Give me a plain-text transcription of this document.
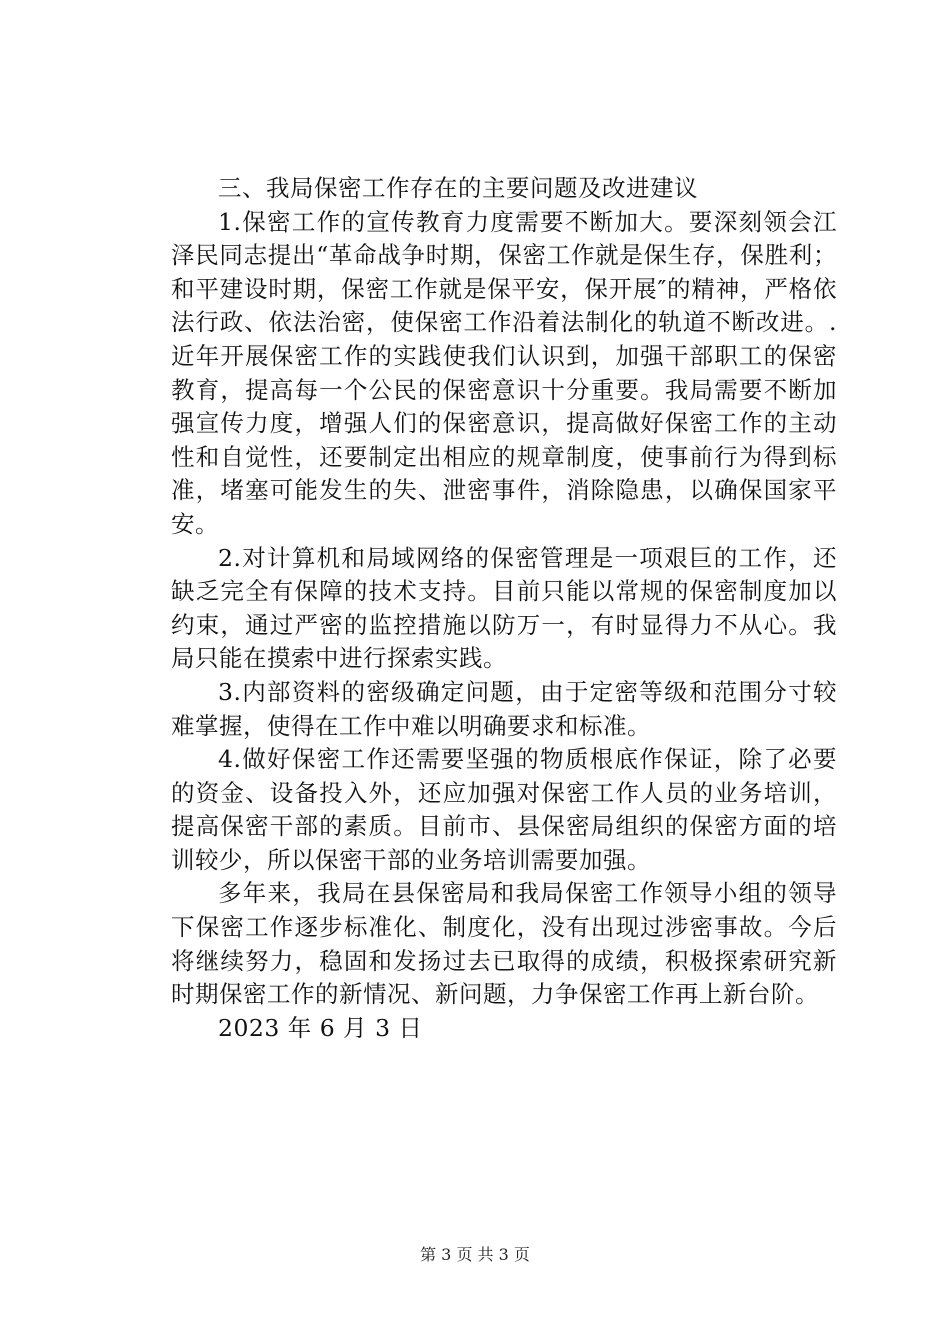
三、我局保密工作存在的主要问题及改进建议

1.保密工作的宣传教育力度需要不断加大。要深刻领会江泽民同志提出“革命战争时期，保密工作就是保生存，保胜利；和平建设时期，保密工作就是保平安，保开展″的精神，严格依法行政、依法治密，使保密工作沿着法制化的轨道不断改进。.近年开展保密工作的实践使我们认识到，加强干部职工的保密教育，提高每一个公民的保密意识十分重要。我局需要不断加强宣传力度，增强人们的保密意识，提高做好保密工作的主动性和自觉性，还要制定出相应的规章制度，使事前行为得到标准，堵塞可能发生的失、泄密事件，消除隐患，以确保国家平安。

2.对计算机和局域网络的保密管理是一项艰巨的工作，还缺乏完全有保障的技术支持。目前只能以常规的保密制度加以约束，通过严密的监控措施以防万一，有时显得力不从心。我局只能在摸索中进行探索实践。

3.内部资料的密级确定问题，由于定密等级和范围分寸较难掌握，使得在工作中难以明确要求和标准。

4.做好保密工作还需要坚强的物质根底作保证，除了必要的资金、设备投入外，还应加强对保密工作人员的业务培训，提高保密干部的素质。目前市、县保密局组织的保密方面的培训较少，所以保密干部的业务培训需要加强。

多年来，我局在县保密局和我局保密工作领导小组的领导下保密工作逐步标准化、制度化，没有出现过涉密事故。今后将继续努力，稳固和发扬过去已取得的成绩，积极探索研究新时期保密工作的新情况、新问题，力争保密工作再上新台阶。

2023 年 6 月 3 日

第 3 页 共 3 页
